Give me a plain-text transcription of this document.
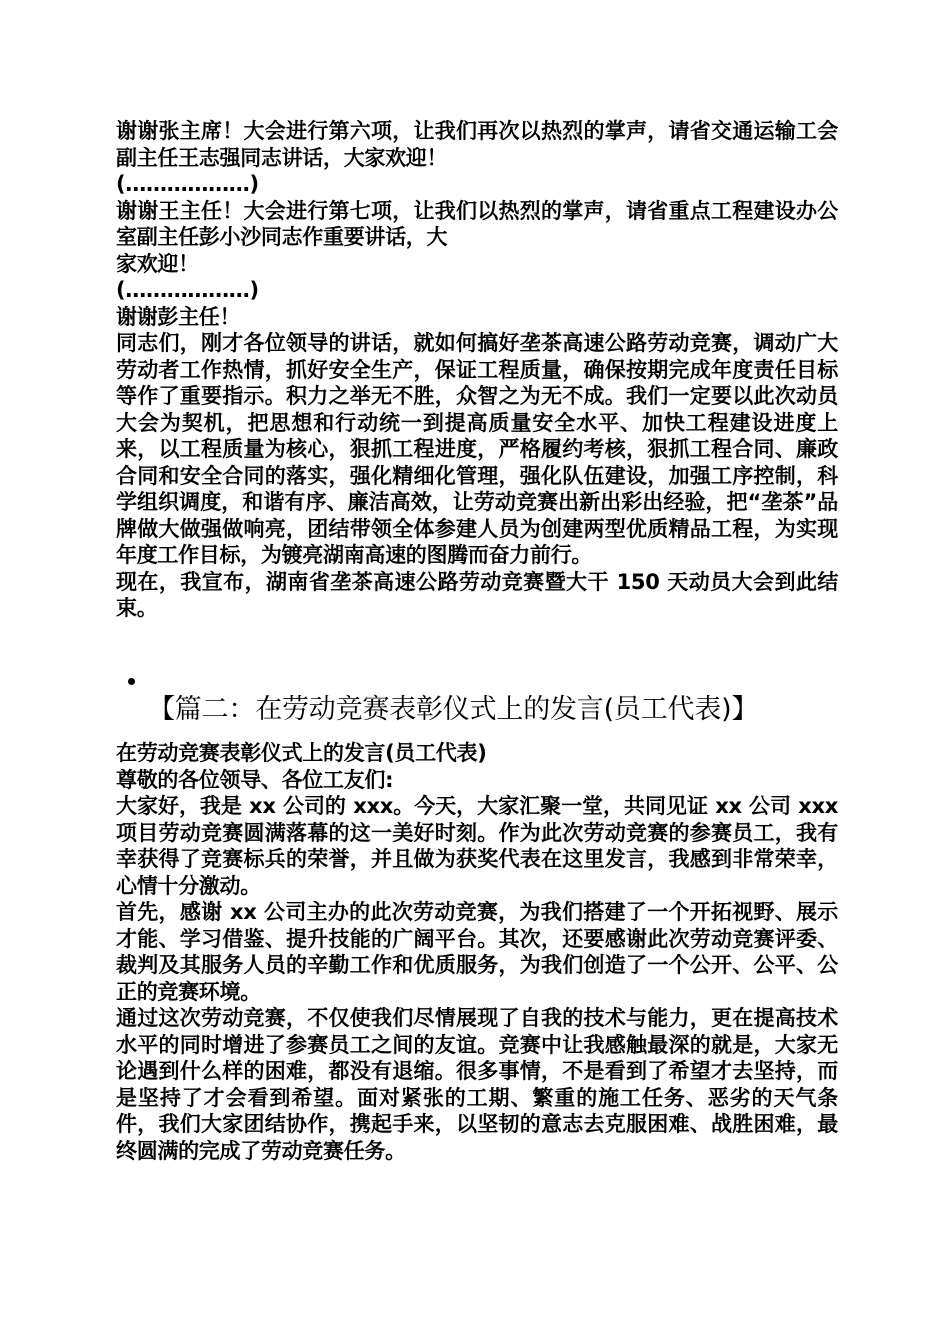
谢谢张主席！大会进行第六项，让我们再次以热烈的掌声，请省交通运输工会副主任王志强同志讲话，大家欢迎！

(………………)

谢谢王主任！大会进行第七项，让我们以热烈的掌声，请省重点工程建设办公室副主任彭小沙同志作重要讲话，大

家欢迎！

(………………)

谢谢彭主任！

同志们，刚才各位领导的讲话，就如何搞好垄茶高速公路劳动竞赛，调动广大劳动者工作热情，抓好安全生产，保证工程质量，确保按期完成年度责任目标等作了重要指示。积力之举无不胜，众智之为无不成。我们一定要以此次动员大会为契机，把思想和行动统一到提高质量安全水平、加快工程建设进度上来，以工程质量为核心，狠抓工程进度，严格履约考核，狠抓工程合同、廉政合同和安全合同的落实，强化精细化管理，强化队伍建设，加强工序控制，科学组织调度，和谐有序、廉洁高效，让劳动竞赛出新出彩出经验，把“垄茶”品牌做大做强做响亮，团结带领全体参建人员为创建两型优质精品工程，为实现年度工作目标，为镀亮湖南高速的图腾而奋力前行。

现在，我宣布，湖南省垄茶高速公路劳动竞赛暨大干 150 天动员大会到此结束。

【篇二：在劳动竞赛表彰仪式上的发言(员工代表)】

在劳动竞赛表彰仪式上的发言(员工代表)

尊敬的各位领导、各位工友们:

大家好，我是 xx 公司的 xxx。今天，大家汇聚一堂，共同见证 xx 公司 xxx 项目劳动竞赛圆满落幕的这一美好时刻。作为此次劳动竞赛的参赛员工，我有幸获得了竞赛标兵的荣誉，并且做为获奖代表在这里发言，我感到非常荣幸，心情十分激动。

首先，感谢 xx 公司主办的此次劳动竞赛，为我们搭建了一个开拓视野、展示才能、学习借鉴、提升技能的广阔平台。其次，还要感谢此次劳动竞赛评委、裁判及其服务人员的辛勤工作和优质服务，为我们创造了一个公开、公平、公正的竞赛环境。

通过这次劳动竞赛，不仅使我们尽情展现了自我的技术与能力，更在提高技术水平的同时增进了参赛员工之间的友谊。竞赛中让我感触最深的就是，大家无论遇到什么样的困难，都没有退缩。很多事情，不是看到了希望才去坚持，而是坚持了才会看到希望。面对紧张的工期、繁重的施工任务、恶劣的天气条件，我们大家团结协作，携起手来，以坚韧的意志去克服困难、战胜困难，最终圆满的完成了劳动竞赛任务。
